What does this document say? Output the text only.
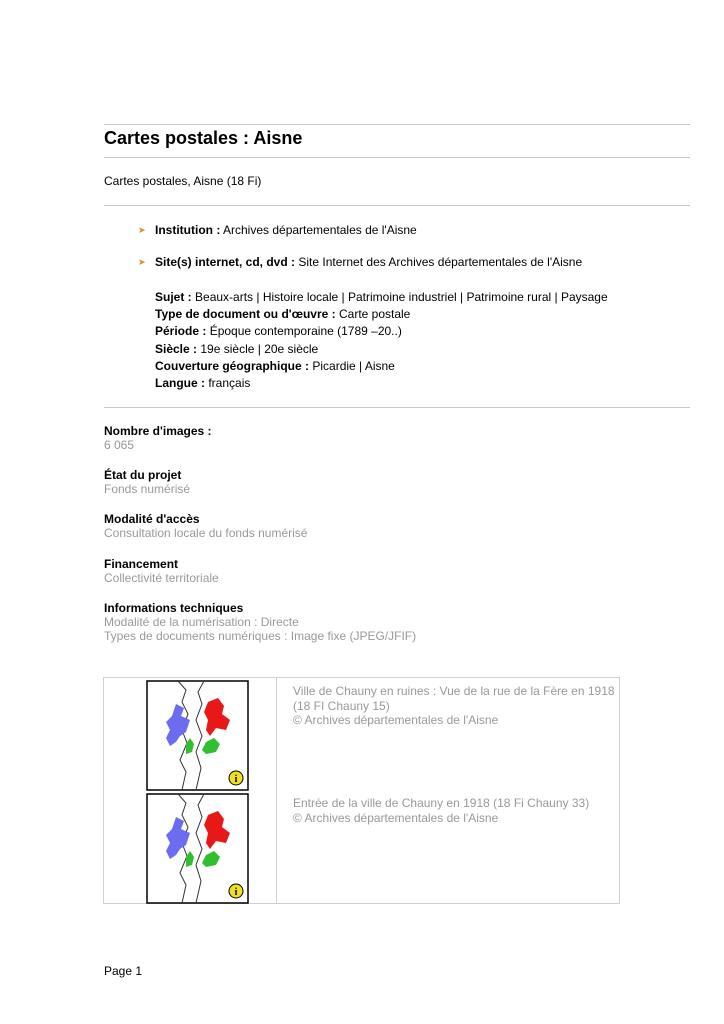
Cartes postales : Aisne
Cartes postales, Aisne (18 Fi)
➤ Institution : Archives départementales de l'Aisne
➤ Site(s) internet, cd, dvd : Site Internet des Archives départementales de l'Aisne
Sujet : Beaux-arts | Histoire locale | Patrimoine industriel | Patrimoine rural | Paysage
Type de document ou d'œuvre : Carte postale
Période : Époque contemporaine (1789 –20..)
Siècle : 19e siècle | 20e siècle
Couverture géographique : Picardie | Aisne
Langue : français
Nombre d'images :
6 065
État du projet
Fonds numérisé
Modalité d'accès
Consultation locale du fonds numérisé
Financement
Collectivité territoriale
Informations techniques
Modalité de la numérisation : Directe
Types de documents numériques : Image fixe (JPEG/JFIF)
i
i
Ville de Chauny en ruines : Vue de la rue de la Fère en 1918
(18 FI Chauny 15)
© Archives départementales de l'Aisne
Entrée de la ville de Chauny en 1918 (18 Fi Chauny 33)
© Archives départementales de l'Aisne
Page 1
